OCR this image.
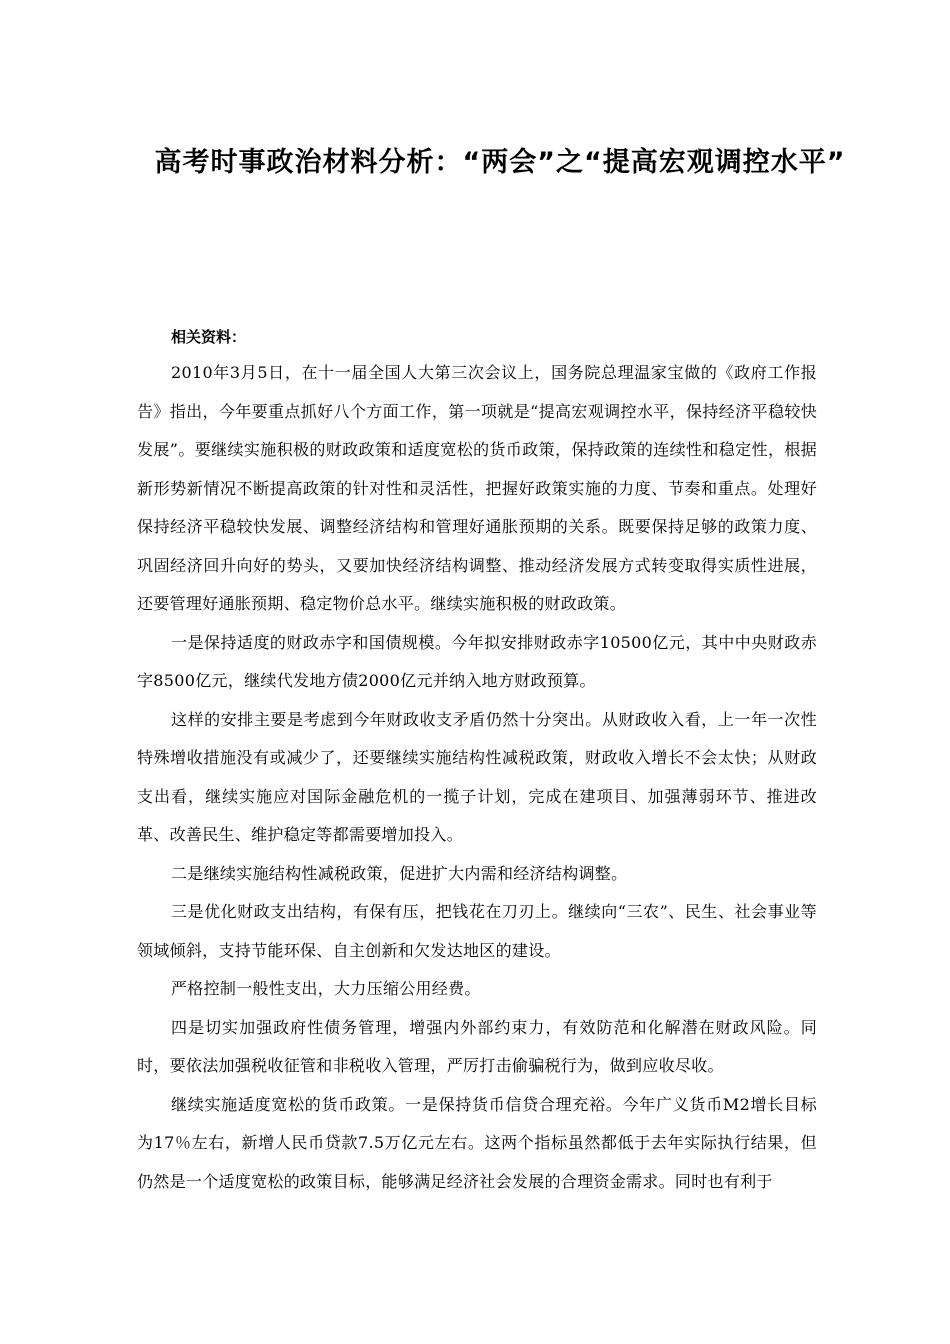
高考时事政治材料分析：“两会”之“提高宏观调控水平”

相关资料：

2010年3月5日，在十一届全国人大第三次会议上，国务院总理温家宝做的《政府工作报告》指出，今年要重点抓好八个方面工作，第一项就是“提高宏观调控水平，保持经济平稳较快发展”。要继续实施积极的财政政策和适度宽松的货币政策，保持政策的连续性和稳定性，根据新形势新情况不断提高政策的针对性和灵活性，把握好政策实施的力度、节奏和重点。处理好保持经济平稳较快发展、调整经济结构和管理好通胀预期的关系。既要保持足够的政策力度、巩固经济回升向好的势头，又要加快经济结构调整、推动经济发展方式转变取得实质性进展，还要管理好通胀预期、稳定物价总水平。继续实施积极的财政政策。

一是保持适度的财政赤字和国债规模。今年拟安排财政赤字10500亿元，其中中央财政赤字8500亿元，继续代发地方债2000亿元并纳入地方财政预算。

这样的安排主要是考虑到今年财政收支矛盾仍然十分突出。从财政收入看，上一年一次性特殊增收措施没有或减少了，还要继续实施结构性减税政策，财政收入增长不会太快；从财政支出看，继续实施应对国际金融危机的一揽子计划，完成在建项目、加强薄弱环节、推进改革、改善民生、维护稳定等都需要增加投入。

二是继续实施结构性减税政策，促进扩大内需和经济结构调整。

三是优化财政支出结构，有保有压，把钱花在刀刃上。继续向“三农”、民生、社会事业等领域倾斜，支持节能环保、自主创新和欠发达地区的建设。

严格控制一般性支出，大力压缩公用经费。

四是切实加强政府性债务管理，增强内外部约束力，有效防范和化解潜在财政风险。同时，要依法加强税收征管和非税收入管理，严厉打击偷骗税行为，做到应收尽收。

继续实施适度宽松的货币政策。一是保持货币信贷合理充裕。今年广义货币M2增长目标为17％左右，新增人民币贷款7.5万亿元左右。这两个指标虽然都低于去年实际执行结果，但仍然是一个适度宽松的政策目标，能够满足经济社会发展的合理资金需求。同时也有利于
